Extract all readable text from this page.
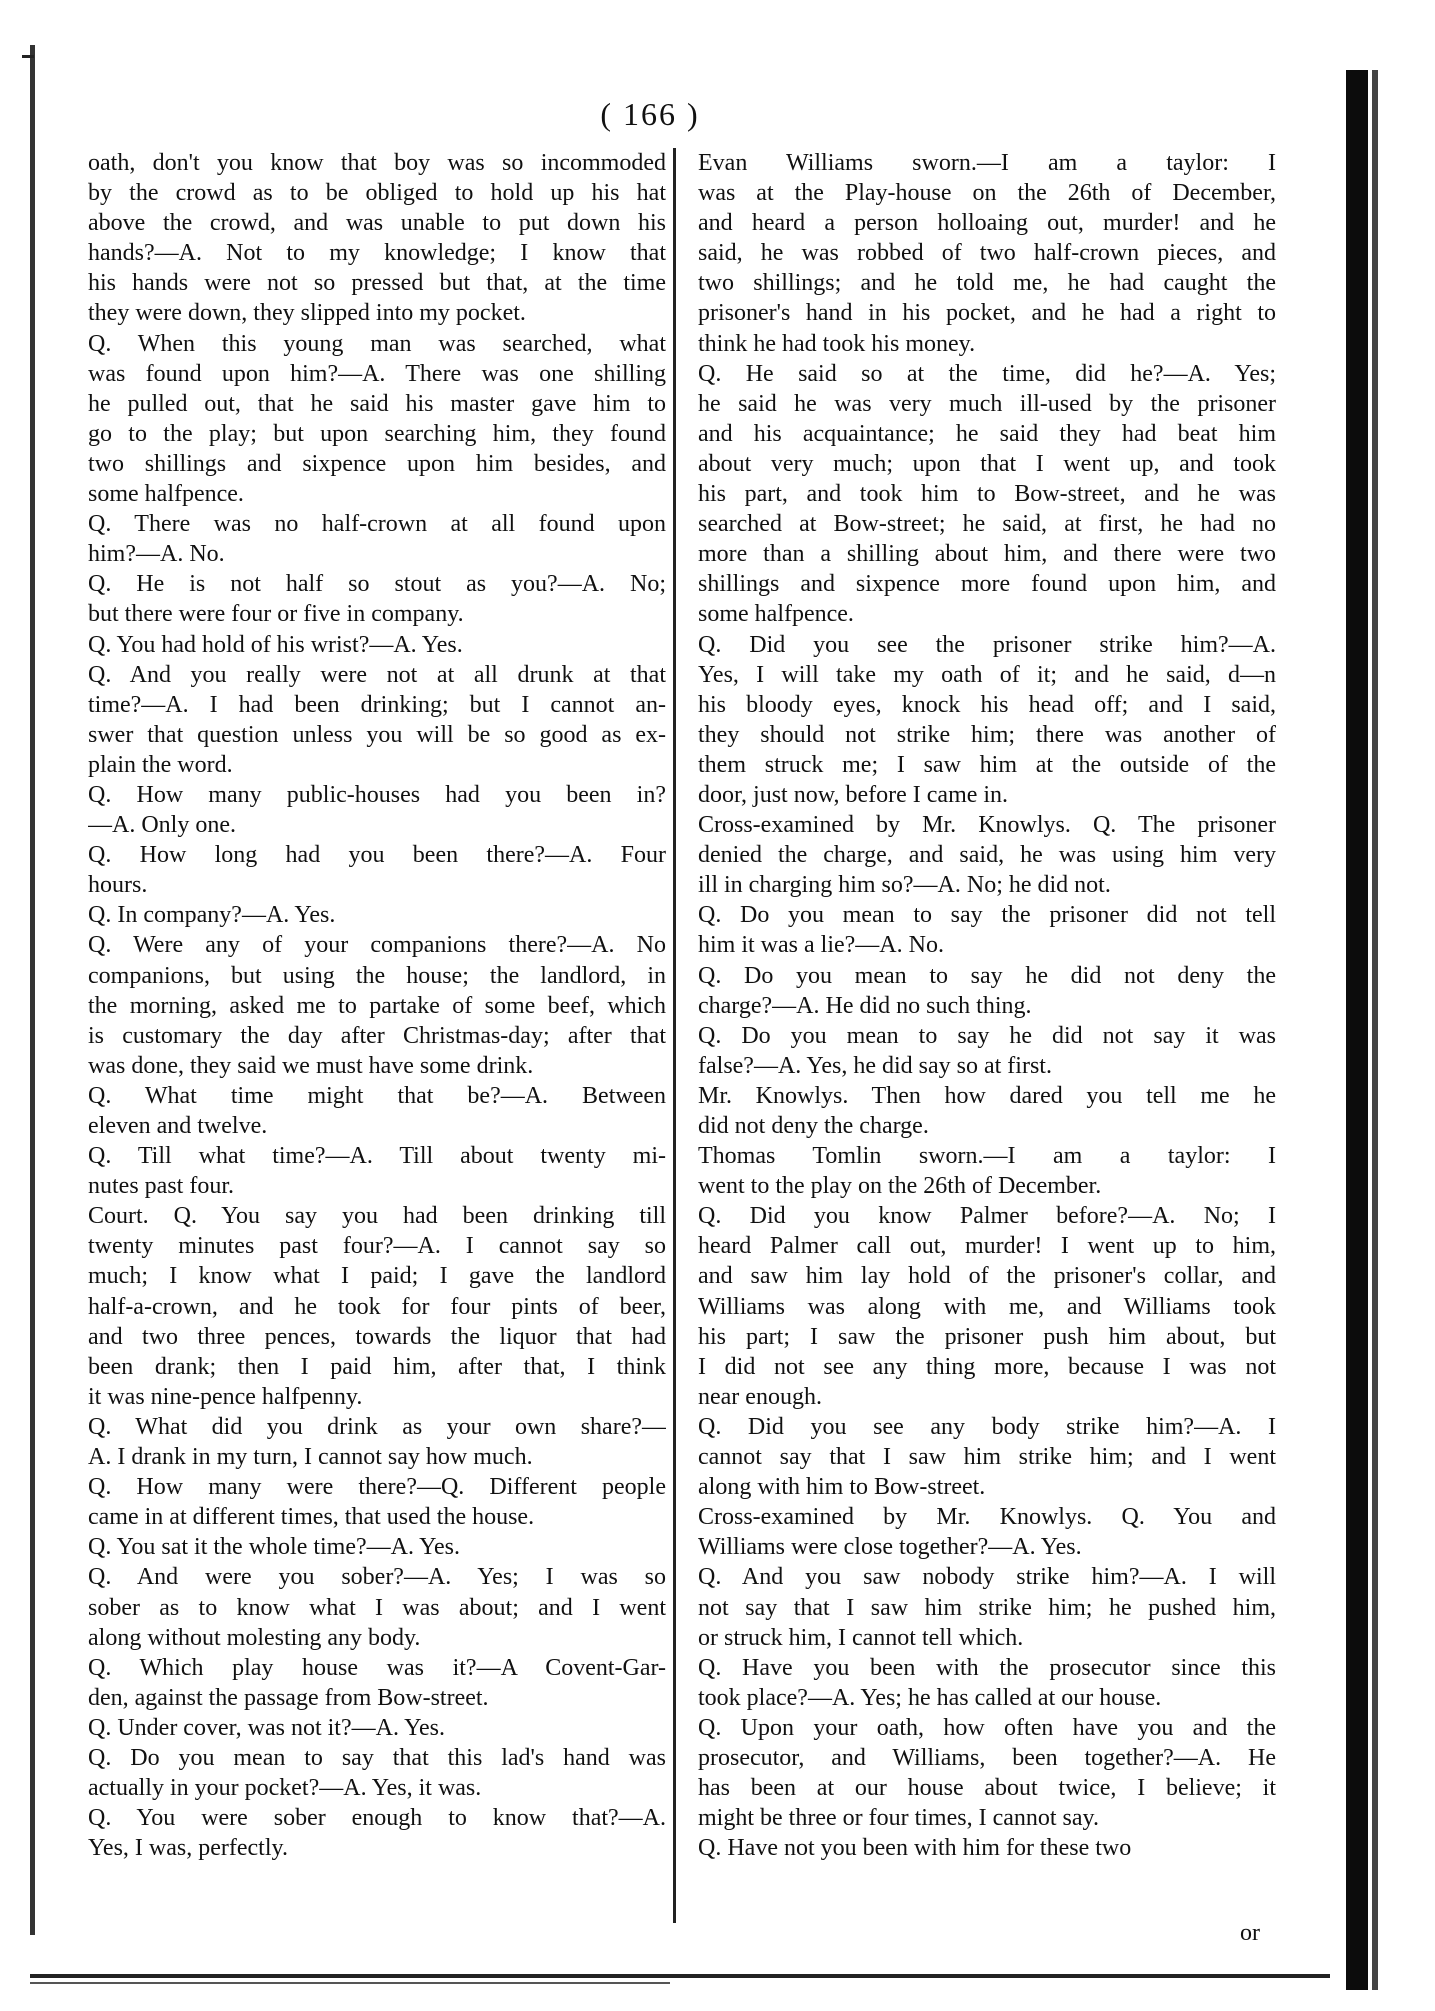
( 166 )
oath, don't you know that boy was so incommoded
by the crowd as to be obliged to hold up his hat
above the crowd, and was unable to put down his
hands?—A. Not to my knowledge; I know that
his hands were not so pressed but that, at the time
they were down, they slipped into my pocket.
Q. When this young man was searched, what
was found upon him?—A. There was one shilling
he pulled out, that he said his master gave him to
go to the play; but upon searching him, they found
two shillings and sixpence upon him besides, and
some halfpence.
Q. There was no half-crown at all found upon
him?—A. No.
Q. He is not half so stout as you?—A. No;
but there were four or five in company.
Q. You had hold of his wrist?—A. Yes.
Q. And you really were not at all drunk at that
time?—A. I had been drinking; but I cannot an-
swer that question unless you will be so good as ex-
plain the word.
Q. How many public-houses had you been in?
—A. Only one.
Q. How long had you been there?—A. Four
hours.
Q. In company?—A. Yes.
Q. Were any of your companions there?—A. No
companions, but using the house; the landlord, in
the morning, asked me to partake of some beef, which
is customary the day after Christmas-day; after that
was done, they said we must have some drink.
Q. What time might that be?—A. Between
eleven and twelve.
Q. Till what time?—A. Till about twenty mi-
nutes past four.
Court. Q. You say you had been drinking till
twenty minutes past four?—A. I cannot say so
much; I know what I paid; I gave the landlord
half-a-crown, and he took for four pints of beer,
and two three pences, towards the liquor that had
been drank; then I paid him, after that, I think
it was nine-pence halfpenny.
Q. What did you drink as your own share?—
A. I drank in my turn, I cannot say how much.
Q. How many were there?—Q. Different people
came in at different times, that used the house.
Q. You sat it the whole time?—A. Yes.
Q. And were you sober?—A. Yes; I was so
sober as to know what I was about; and I went
along without molesting any body.
Q. Which play house was it?—A Covent-Gar-
den, against the passage from Bow-street.
Q. Under cover, was not it?—A. Yes.
Q. Do you mean to say that this lad's hand was
actually in your pocket?—A. Yes, it was.
Q. You were sober enough to know that?—A.
Yes, I was, perfectly.
Evan Williams sworn.—I am a taylor: I
was at the Play-house on the 26th of December,
and heard a person holloaing out, murder! and he
said, he was robbed of two half-crown pieces, and
two shillings; and he told me, he had caught the
prisoner's hand in his pocket, and he had a right to
think he had took his money.
Q. He said so at the time, did he?—A. Yes;
he said he was very much ill-used by the prisoner
and his acquaintance; he said they had beat him
about very much; upon that I went up, and took
his part, and took him to Bow-street, and he was
searched at Bow-street; he said, at first, he had no
more than a shilling about him, and there were two
shillings and sixpence more found upon him, and
some halfpence.
Q. Did you see the prisoner strike him?—A.
Yes, I will take my oath of it; and he said, d—n
his bloody eyes, knock his head off; and I said,
they should not strike him; there was another of
them struck me; I saw him at the outside of the
door, just now, before I came in.
Cross-examined by Mr. Knowlys. Q. The prisoner
denied the charge, and said, he was using him very
ill in charging him so?—A. No; he did not.
Q. Do you mean to say the prisoner did not tell
him it was a lie?—A. No.
Q. Do you mean to say he did not deny the
charge?—A. He did no such thing.
Q. Do you mean to say he did not say it was
false?—A. Yes, he did say so at first.
Mr. Knowlys. Then how dared you tell me he
did not deny the charge.
Thomas Tomlin sworn.—I am a taylor: I
went to the play on the 26th of December.
Q. Did you know Palmer before?—A. No; I
heard Palmer call out, murder! I went up to him,
and saw him lay hold of the prisoner's collar, and
Williams was along with me, and Williams took
his part; I saw the prisoner push him about, but
I did not see any thing more, because I was not
near enough.
Q. Did you see any body strike him?—A. I
cannot say that I saw him strike him; and I went
along with him to Bow-street.
Cross-examined by Mr. Knowlys. Q. You and
Williams were close together?—A. Yes.
Q. And you saw nobody strike him?—A. I will
not say that I saw him strike him; he pushed him,
or struck him, I cannot tell which.
Q. Have you been with the prosecutor since this
took place?—A. Yes; he has called at our house.
Q. Upon your oath, how often have you and the
prosecutor, and Williams, been together?—A. He
has been at our house about twice, I believe; it
might be three or four times, I cannot say.
Q. Have not you been with him for these two
or
